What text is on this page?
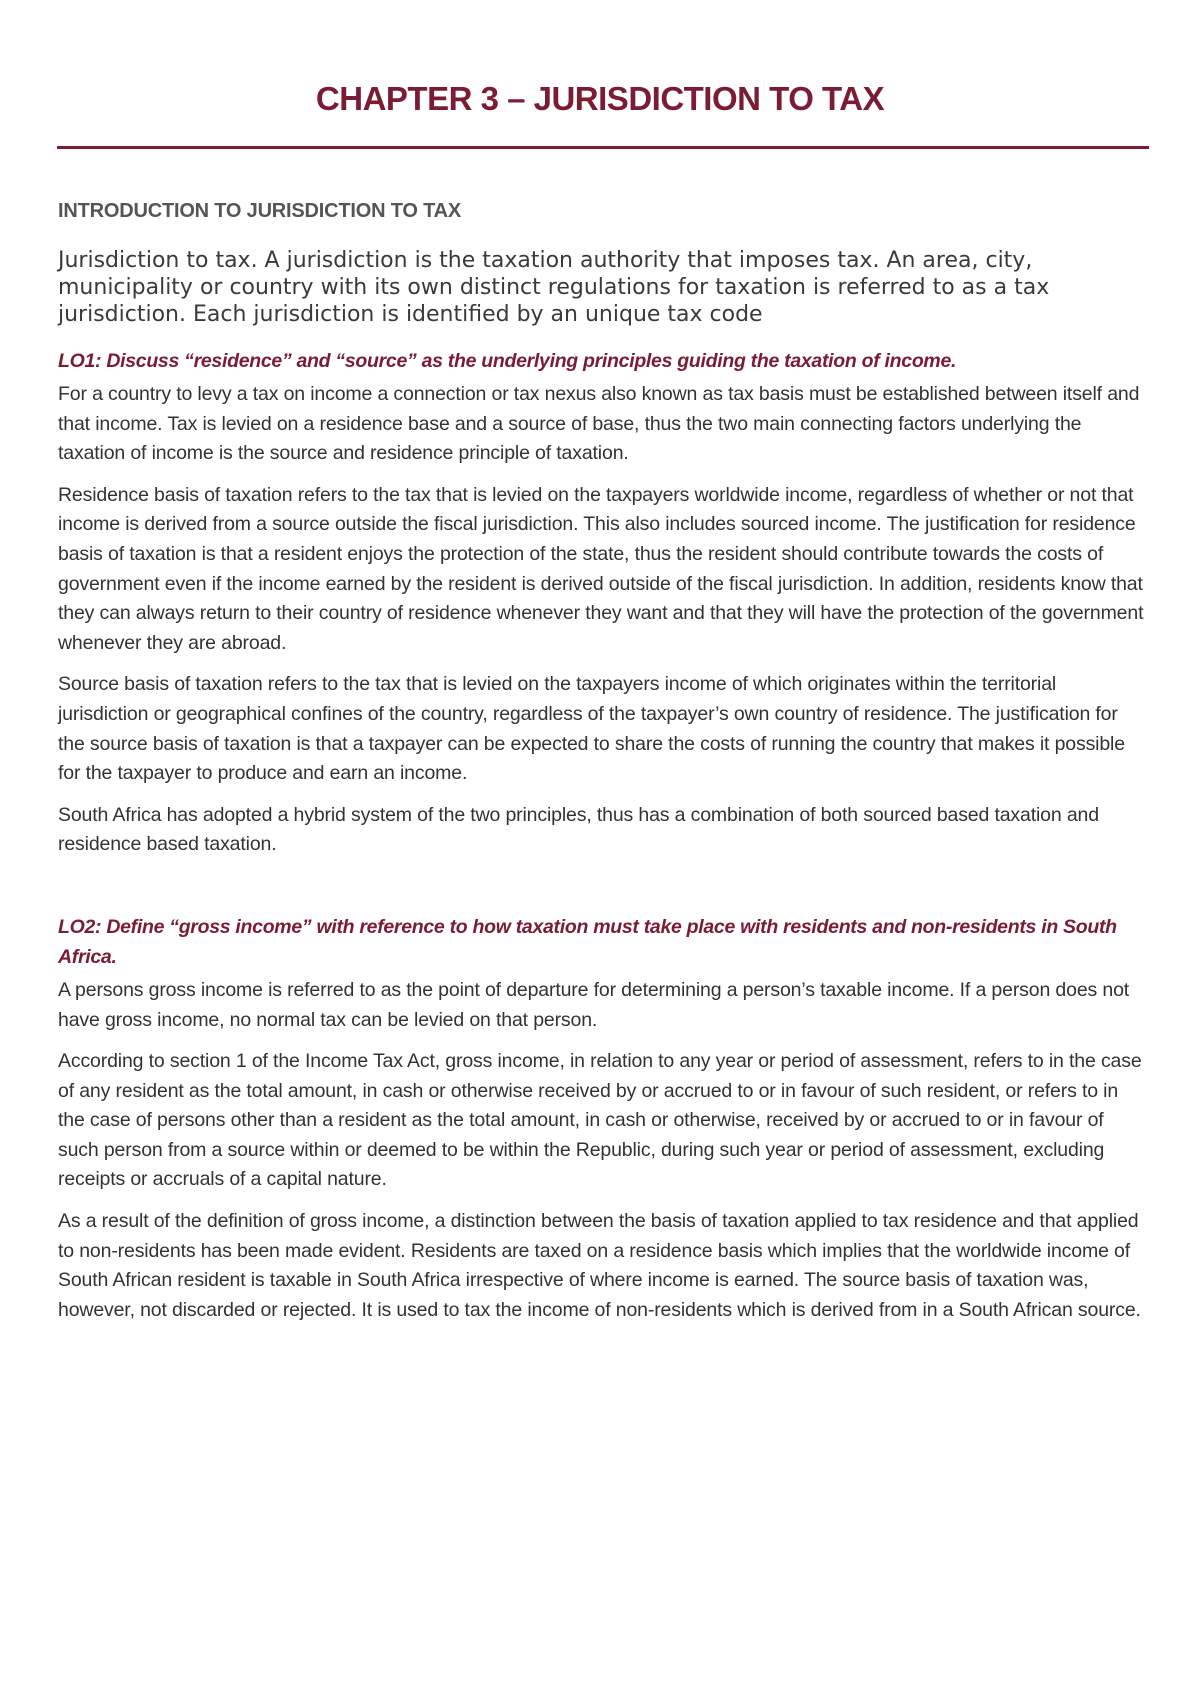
CHAPTER 3 – JURISDICTION TO TAX
INTRODUCTION TO JURISDICTION TO TAX

Jurisdiction to tax. A jurisdiction is the taxation authority that imposes tax. An area, city, municipality or country with its own distinct regulations for taxation is referred to as a tax jurisdiction. Each jurisdiction is identified by an unique tax code

LO1: Discuss “residence” and “source” as the underlying principles guiding the taxation of income.

For a country to levy a tax on income a connection or tax nexus also known as tax basis must be established between itself and that income. Tax is levied on a residence base and a source of base, thus the two main connecting factors underlying the taxation of income is the source and residence principle of taxation.

Residence basis of taxation refers to the tax that is levied on the taxpayers worldwide income, regardless of whether or not that income is derived from a source outside the fiscal jurisdiction. This also includes sourced income. The justification for residence basis of taxation is that a resident enjoys the protection of the state, thus the resident should contribute towards the costs of government even if the income earned by the resident is derived outside of the fiscal jurisdiction. In addition, residents know that they can always return to their country of residence whenever they want and that they will have the protection of the government whenever they are abroad.

Source basis of taxation refers to the tax that is levied on the taxpayers income of which originates within the territorial jurisdiction or geographical confines of the country, regardless of the taxpayer’s own country of residence. The justification for the source basis of taxation is that a taxpayer can be expected to share the costs of running the country that makes it possible for the taxpayer to produce and earn an income.

South Africa has adopted a hybrid system of the two principles, thus has a combination of both sourced based taxation and residence based taxation.

LO2: Define “gross income” with reference to how taxation must take place with residents and non-residents in South Africa.

A persons gross income is referred to as the point of departure for determining a person’s taxable income. If a person does not have gross income, no normal tax can be levied on that person.

According to section 1 of the Income Tax Act, gross income, in relation to any year or period of assessment, refers to in the case of any resident as the total amount, in cash or otherwise received by or accrued to or in favour of such resident, or refers to in the case of persons other than a resident as the total amount, in cash or otherwise, received by or accrued to or in favour of such person from a source within or deemed to be within the Republic, during such year or period of assessment, excluding receipts or accruals of a capital nature.

As a result of the definition of gross income, a distinction between the basis of taxation applied to tax residence and that applied to non-residents has been made evident. Residents are taxed on a residence basis which implies that the worldwide income of South African resident is taxable in South Africa irrespective of where income is earned. The source basis of taxation was, however, not discarded or rejected. It is used to tax the income of non-residents which is derived from in a South African source.
